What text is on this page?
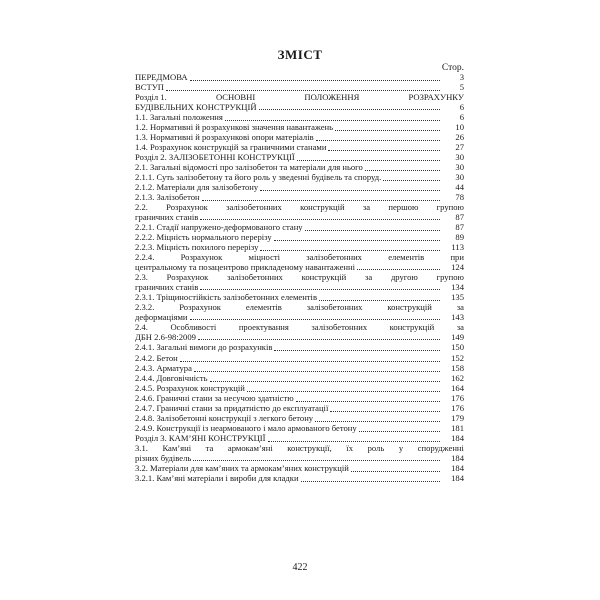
ЗМІСТ
Стор.
ПЕРЕДМОВА	3
ВСТУП	5
Розділ 1.	ОСНОВНІ	ПОЛОЖЕННЯ	РОЗРАХУНКУ
БУДІВЕЛЬНИХ КОНСТРУКЦІЙ	6
1.1. Загальні положення	6
1.2. Нормативні й розрахункові значення навантажень	10
1.3. Нормативні й розрахункові опори матеріалів	26
1.4. Розрахунок конструкцій за граничними станами	27
Розділ 2. ЗАЛІЗОБЕТОННІ КОНСТРУКЦІЇ	30
2.1. Загальні відомості про залізобетон та матеріали для нього	30
2.1.1. Суть залізобетону та його роль у зведенні будівель та споруд.	30
2.1.2. Матеріали для залізобетону	44
2.1.3. Залізобетон	78
2.2. Розрахунок залізобетонних конструкцій за першою групою
граничних станів	87
2.2.1. Стадії напружено-деформованого стану	87
2.2.2. Міцність нормального перерізу	89
2.2.3. Міцність похилого перерізу	113
2.2.4.	Розрахунок	міцності	залізобетонних	елементів	при
центральному та позацентрово прикладеному навантаженні	124
2.3. Розрахунок залізобетонних конструкцій за другою групою
граничних станів	134
2.3.1. Тріщиностійкість залізобетонних елементів	135
2.3.2.	Розрахунок	елементів	залізобетонних	конструкцій	за
деформаціями	143
2.4.	Особливості	проектування	залізобетонних	конструкцій	за
ДБН 2.6-98:2009	149
2.4.1. Загальні вимоги до розрахунків	150
2.4.2. Бетон	152
2.4.3. Арматура	158
2.4.4. Довговічність	162
2.4.5. Розрахунок конструкцій	164
2.4.6. Граничні стани за несучою здатністю	176
2.4.7. Граничні стани за придатністю до експлуатації	176
2.4.8. Залізобетонні конструкції з легкого бетону	179
2.4.9. Конструкції із неармованого і мало армованого бетону	181
Розділ 3. КАМ’ЯНІ КОНСТРУКЦІЇ	184
3.1. Кам’яні та армокам’яні конструкції, їх роль у спорудженні
різних будівель	184
3.2. Матеріали для кам’яних та армокам’яних конструкцій	184
3.2.1. Кам’яні матеріали і вироби для кладки	184
422
